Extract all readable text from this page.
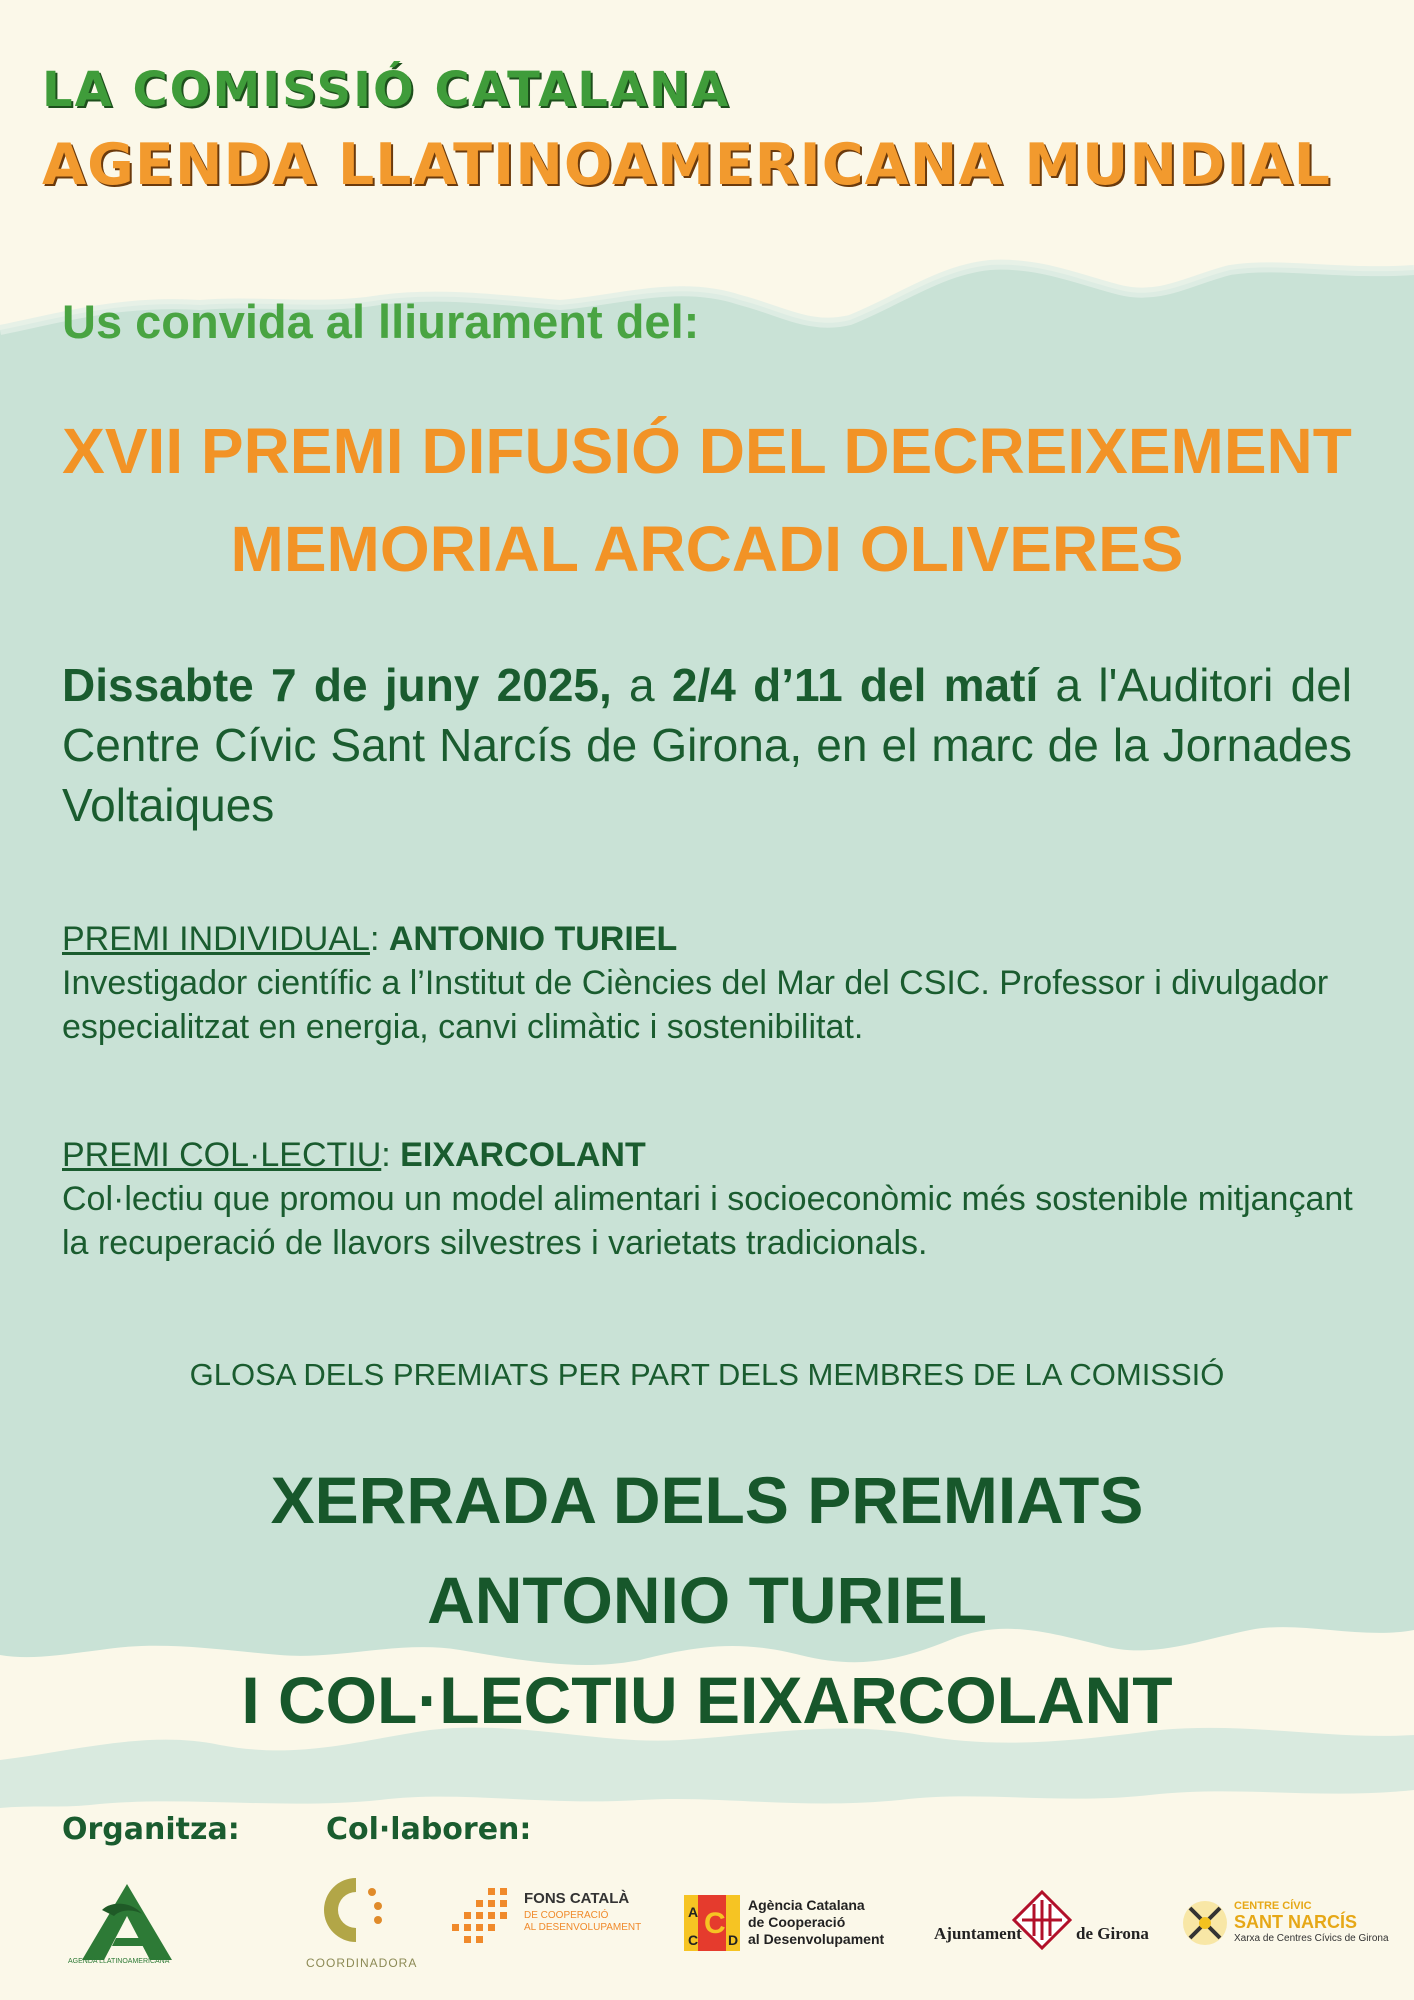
LA COMISSIÓ CATALANA
AGENDA LLATINOAMERICANA MUNDIAL
Us convida al lliurament del:
XVII PREMI DIFUSIÓ DEL DECREIXEMENT
MEMORIAL ARCADI OLIVERES
Dissabte 7 de juny 2025, a 2/4 d’11 del matí a l'Auditori del Centre Cívic Sant Narcís de Girona, en el marc de la Jornades Voltaiques
PREMI INDIVIDUAL: ANTONIO TURIEL
Investigador científic a l’Institut de Ciències del Mar del CSIC. Professor i divulgador especialitzat en energia, canvi climàtic i sostenibilitat.
PREMI COL·LECTIU: EIXARCOLANT
Col·lectiu que promou un model alimentari i socioeconòmic més sostenible mitjançant la recuperació de llavors silvestres i varietats tradicionals.
GLOSA DELS PREMIATS PER PART DELS MEMBRES DE LA COMISSIÓ
XERRADA DELS PREMIATS
ANTONIO TURIEL
I COL·LECTIU EIXARCOLANT
Organitza:	Col·laboren:
AGENDA LLATINOAMERICANA	COORDINADORA
FONS CATALÀ
DE COOPERACIÓ
AL DESENVOLUPAMENT
A C
C D
Agència Catalana
de Cooperació
al Desenvolupament	Ajuntament	de Girona
CENTRE CÍVIC
SANT NARCÍS
Xarxa de Centres Cívics de Girona
